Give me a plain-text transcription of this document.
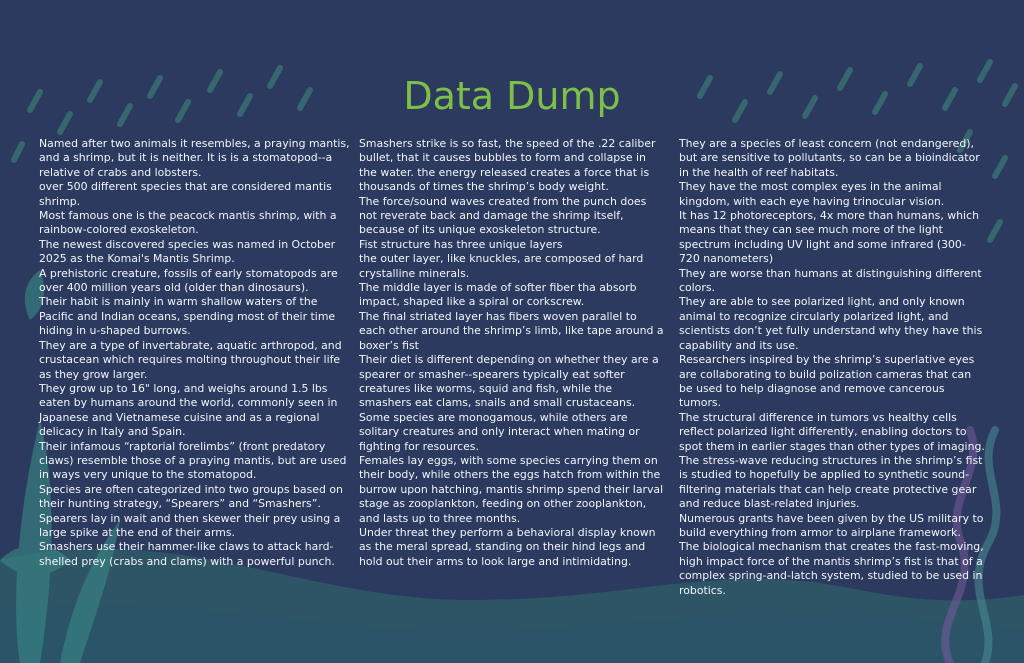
Data Dump

Named after two animals it resembles, a praying mantis, and a shrimp, but it is neither. It is is a stomatopod--a relative of crabs and lobsters.

over 500 different species that are considered mantis shrimp.

Most famous one is the peacock mantis shrimp, with a rainbow-colored exoskeleton.

The newest discovered species was named in October 2025 as the Komai's Mantis Shrimp.

A prehistoric creature, fossils of early stomatopods are over 400 million years old (older than dinosaurs).

Their habit is mainly in warm shallow waters of the Pacific and Indian oceans, spending most of their time hiding in u-shaped burrows.

They are a type of invertabrate, aquatic arthropod, and crustacean which requires molting throughout their life as they grow larger.

They grow up to 16" long, and weighs around 1.5 lbs

eaten by humans around the world, commonly seen in Japanese and Vietnamese cuisine and as a regional delicacy in Italy and Spain.

Their infamous “raptorial forelimbs” (front predatory claws) resemble those of a praying mantis, but are used in ways very unique to the stomatopod.

Species are often categorized into two groups based on their hunting strategy, “Spearers” and “Smashers”.

Spearers lay in wait and then skewer their prey using a large spike at the end of their arms.

Smashers use their hammer-like claws to attack hard-shelled prey (crabs and clams) with a powerful punch.

Smashers strike is so fast, the speed of the .22 caliber bullet, that it causes bubbles to form and collapse in the water. the energy released creates a force that is thousands of times the shrimp’s body weight.

The force/sound waves created from the punch does not reverate back and damage the shrimp itself, because of its unique exoskeleton structure.

Fist structure has three unique layers

the outer layer, like knuckles, are composed of hard crystalline minerals.

The middle layer is made of softer fiber tha absorb impact, shaped like a spiral or corkscrew.

The final striated layer has fibers woven parallel to each other around the shrimp’s limb, like tape around a boxer’s fist

Their diet is different depending on whether they are a spearer or smasher--spearers typically eat softer creatures like worms, squid and fish, while the smashers eat clams, snails and small crustaceans.

Some species are monogamous, while others are solitary creatures and only interact when mating or fighting for resources.

Females lay eggs, with some species carrying them on their body, while others the eggs hatch from within the burrow upon hatching, mantis shrimp spend their larval stage as zooplankton, feeding on other zooplankton, and lasts up to three months.

Under threat they perform a behavioral display known as the meral spread, standing on their hind legs and hold out their arms to look large and intimidating.

They are a species of least concern (not endangered), but are sensitive to pollutants, so can be a bioindicator in the health of reef habitats.

They have the most complex eyes in the animal kingdom, with each eye having trinocular vision.

It has 12 photoreceptors, 4x more than humans, which means that they can see much more of the light spectrum including UV light and some infrared (300-720 nanometers)

They are worse than humans at distinguishing different colors.

They are able to see polarized light, and only known animal to recognize circularly polarized light, and scientists don’t yet fully understand why they have this capability and its use.

Researchers inspired by the shrimp’s superlative eyes are collaborating to build polization cameras that can be used to help diagnose and remove cancerous tumors.

The structural difference in tumors vs healthy cells reflect polarized light differently, enabling doctors to spot them in earlier stages than other types of imaging.

The stress-wave reducing structures in the shrimp’s fist is studied to hopefully be applied to synthetic sound-filtering materials that can help create protective gear and reduce blast-related injuries.

Numerous grants have been given by the US military to build everything from armor to airplane framework.

The biological mechanism that creates the fast-moving, high impact force of the mantis shrimp’s fist is that of a complex spring-and-latch system, studied to be used in robotics.
